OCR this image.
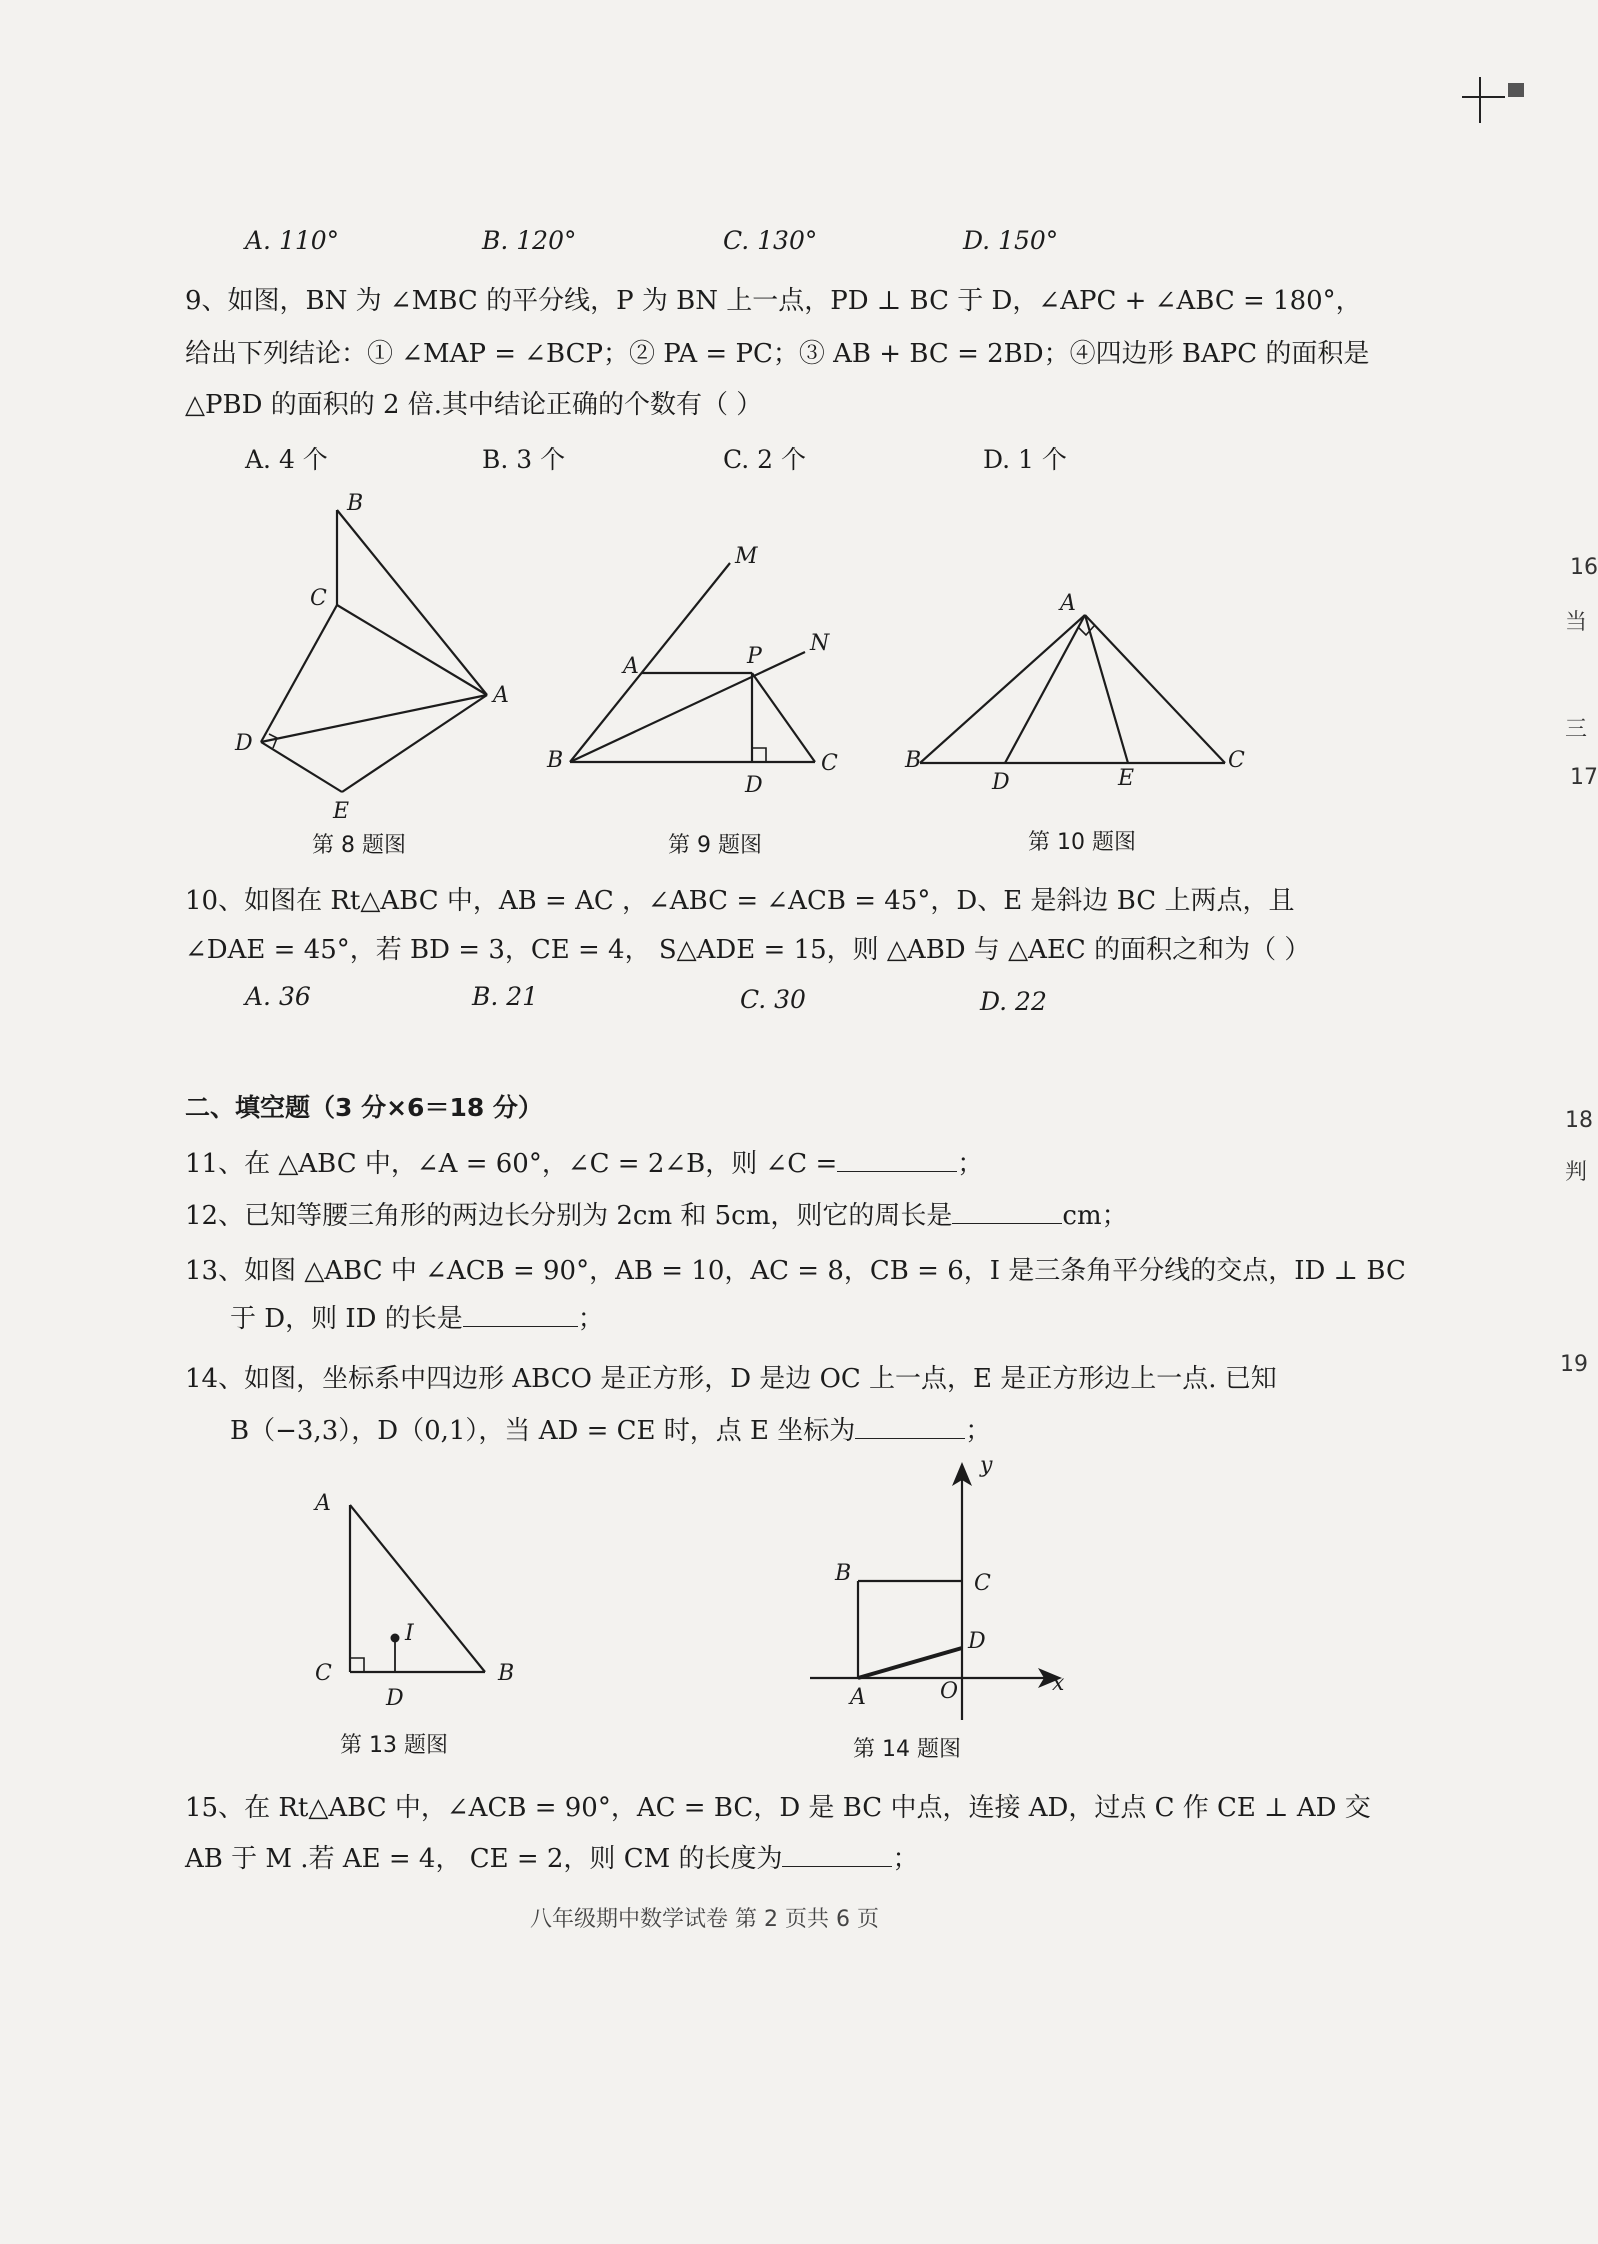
A. 110°	B. 120°	C. 130°	D. 150°
9、如图，BN 为 ∠MBC 的平分线，P 为 BN 上一点，PD ⊥ BC 于 D，∠APC + ∠ABC = 180°，
给出下列结论：① ∠MAP = ∠BCP；② PA = PC；③ AB + BC = 2BD；④四边形 BAPC 的面积是
△PBD 的面积的 2 倍.其中结论正确的个数有（ ）
A. 4 个	B. 3 个	C. 2 个	D. 1 个
B
C
A
D
E
第 8 题图
M
N
A	P
B
D
C
第 9 题图
A
B
D	E
C
第 10 题图
10、如图在 Rt△ABC 中，AB = AC ，∠ABC = ∠ACB = 45°，D、E 是斜边 BC 上两点，且
∠DAE = 45°，若 BD = 3，CE = 4， S△ADE = 15，则 △ABD 与 △AEC 的面积之和为（ ）
A. 36	B. 21	C. 30	D. 22
二、填空题（3 分×6＝18 分）
11、在 △ABC 中，∠A = 60°，∠C = 2∠B，则 ∠C =	；
12、已知等腰三角形的两边长分别为 2cm 和 5cm，则它的周长是	cm；
13、如图 △ABC 中 ∠ACB = 90°，AB = 10，AC = 8，CB = 6，I 是三条角平分线的交点，ID ⊥ BC
于 D，则 ID 的长是	；
14、如图，坐标系中四边形 ABCO 是正方形，D 是边 OC 上一点，E 是正方形边上一点. 已知
B（−3,3），D（0,1），当 AD = CE 时，点 E 坐标为	；
A
I
C
D
B
第 13 题图
y
B	C
D
x
A	O
第 14 题图
15、在 Rt△ABC 中，∠ACB = 90°，AC = BC，D 是 BC 中点，连接 AD，过点 C 作 CE ⊥ AD 交
AB 于 M .若 AE = 4， CE = 2，则 CM 的长度为	；
八年级期中数学试卷 第 2 页共 6 页
16
当
三
17
18
判
19
